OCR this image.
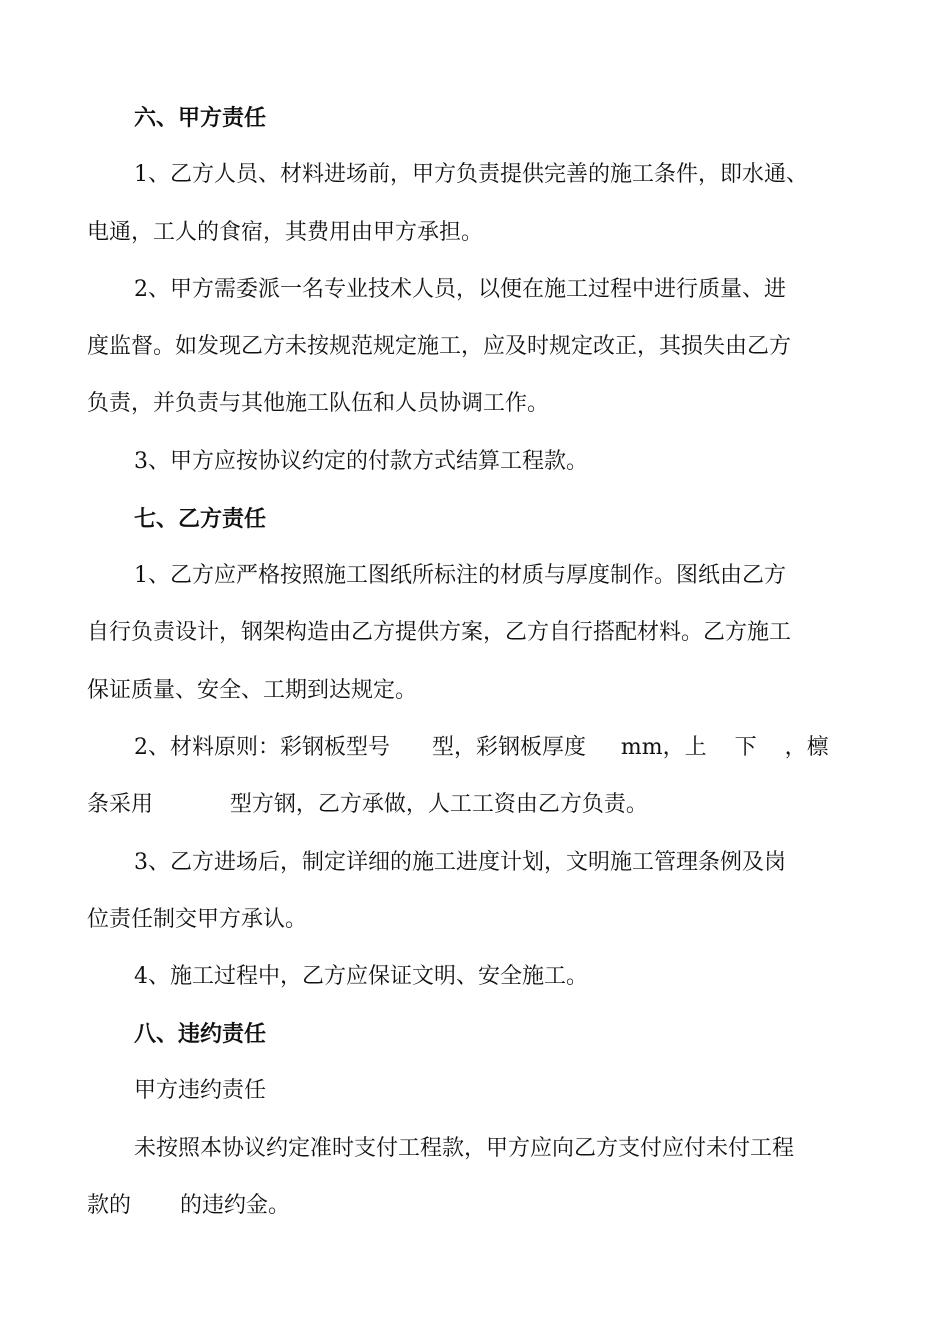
六、甲方责任
1、乙方人员、材料进场前，甲方负责提供完善的施工条件，即水通、
电通，工人的食宿，其费用由甲方承担。
2、甲方需委派一名专业技术人员，以便在施工过程中进行质量、进
度监督。如发现乙方未按规范规定施工，应及时规定改正，其损失由乙方
负责，并负责与其他施工队伍和人员协调工作。
3、甲方应按协议约定的付款方式结算工程款。
七、乙方责任
1、乙方应严格按照施工图纸所标注的材质与厚度制作。图纸由乙方
自行负责设计，钢架构造由乙方提供方案，乙方自行搭配材料。乙方施工
保证质量、安全、工期到达规定。
2、材料原则：彩钢板型号      型，彩钢板厚度     mm，上    下    ，檩
条采用           型方钢，乙方承做，人工工资由乙方负责。
3、乙方进场后，制定详细的施工进度计划，文明施工管理条例及岗
位责任制交甲方承认。
4、施工过程中，乙方应保证文明、安全施工。
八、违约责任
甲方违约责任
未按照本协议约定准时支付工程款，甲方应向乙方支付应付未付工程
款的       的违约金。
